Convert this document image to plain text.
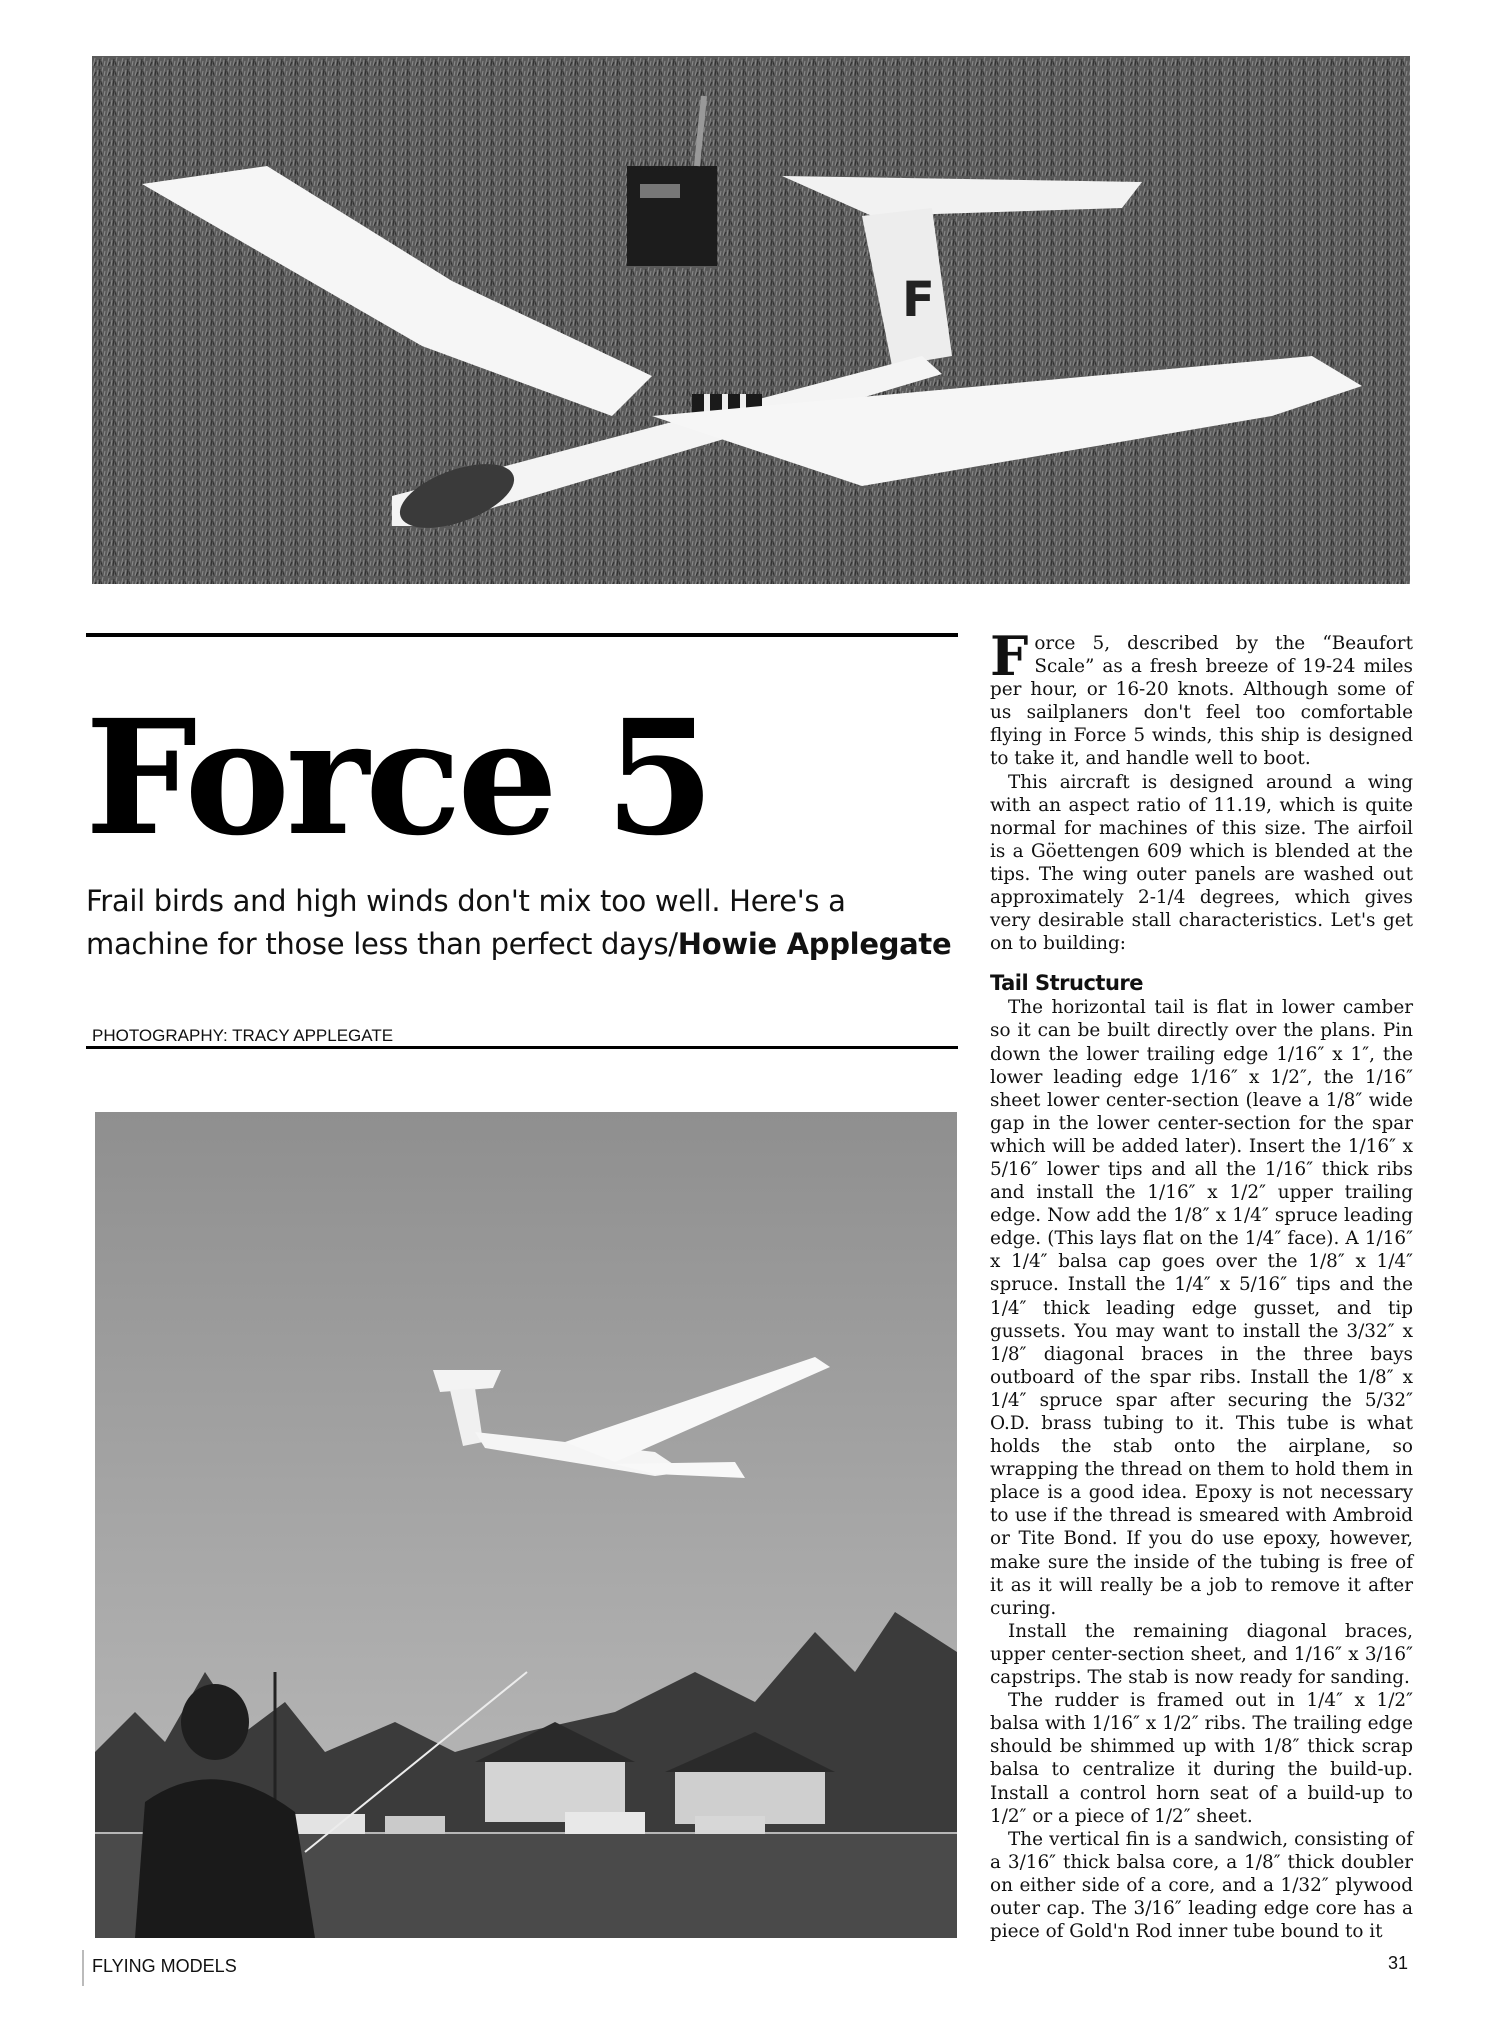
F
Force 5

Frail birds and high winds don't mix too well. Here's a machine for those less than perfect days/Howie Applegate

PHOTOGRAPHY: TRACY APPLEGATE

Force 5, described by the “Beaufort Scale” as a fresh breeze of 19-24 miles per hour, or 16-20 knots. Although some of us sailplaners don't feel too comfortable flying in Force 5 winds, this ship is designed to take it, and handle well to boot.

This aircraft is designed around a wing with an aspect ratio of 11.19, which is quite normal for machines of this size. The airfoil is a Göettengen 609 which is blended at the tips. The wing outer panels are washed out approximately 2-1/4 degrees, which gives very desirable stall characteristics. Let's get on to building:

Tail Structure

The horizontal tail is flat in lower camber so it can be built directly over the plans. Pin down the lower trailing edge 1/16″ x 1″, the lower leading edge 1/16″ x 1/2″, the 1/16″ sheet lower center-section (leave a 1/8″ wide gap in the lower center-section for the spar which will be added later). Insert the 1/16″ x 5/16″ lower tips and all the 1/16″ thick ribs and install the 1/16″ x 1/2″ upper trailing edge. Now add the 1/8″ x 1/4″ spruce leading edge. (This lays flat on the 1/4″ face). A 1/16″ x 1/4″ balsa cap goes over the 1/8″ x 1/4″ spruce. Install the 1/4″ x 5/16″ tips and the 1/4″ thick leading edge gusset, and tip gussets. You may want to install the 3/32″ x 1/8″ diagonal braces in the three bays outboard of the spar ribs. Install the 1/8″ x 1/4″ spruce spar after securing the 5/32″ O.D. brass tubing to it. This tube is what holds the stab onto the airplane, so wrapping the thread on them to hold them in place is a good idea. Epoxy is not necessary to use if the thread is smeared with Ambroid or Tite Bond. If you do use epoxy, however, make sure the inside of the tubing is free of it as it will really be a job to remove it after curing.

Install the remaining diagonal braces, upper center-section sheet, and 1/16″ x 3/16″ capstrips. The stab is now ready for sanding.

The rudder is framed out in 1/4″ x 1/2″ balsa with 1/16″ x 1/2″ ribs. The trailing edge should be shimmed up with 1/8″ thick scrap balsa to centralize it during the build-up. Install a control horn seat of a build-up to 1/2″ or a piece of 1/2″ sheet.

The vertical fin is a sandwich, consisting of a 3/16″ thick balsa core, a 1/8″ thick doubler on either side of a core, and a 1/32″ plywood outer cap. The 3/16″ leading edge core has a piece of Gold'n Rod inner tube bound to it

FLYING MODELS	31
